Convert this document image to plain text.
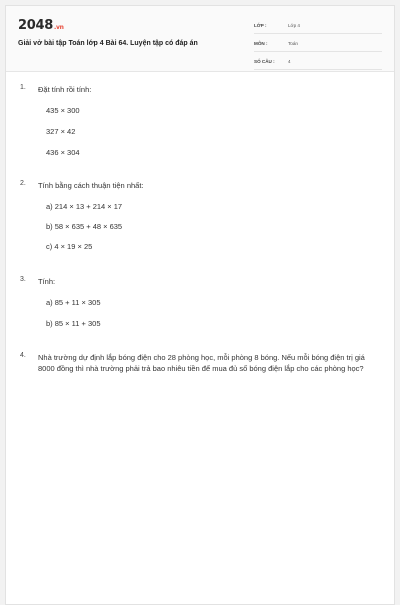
2048.vn
Giải vở bài tập Toán lớp 4 Bài 64. Luyện tập có đáp án
LỚP :	Lớp 4
MÔN :	Toán
SỐ CÂU :	4
1. Đặt tính rồi tính:
435 × 300
327 × 42
436 × 304
2. Tính bằng cách thuận tiện nhất:
a) 214 × 13 + 214 × 17
b) 58 × 635 + 48 × 635
c) 4 × 19 × 25
3. Tính:
a) 85 + 11 × 305
b) 85 × 11 + 305
4. Nhà trường dự định lắp bóng điện cho 28 phòng học, mỗi phòng 8 bóng. Nếu mỗi bóng điện trị giá 8000 đồng thì nhà trường phải trả bao nhiêu tiền để mua đủ số bóng điện lắp cho các phòng học?
